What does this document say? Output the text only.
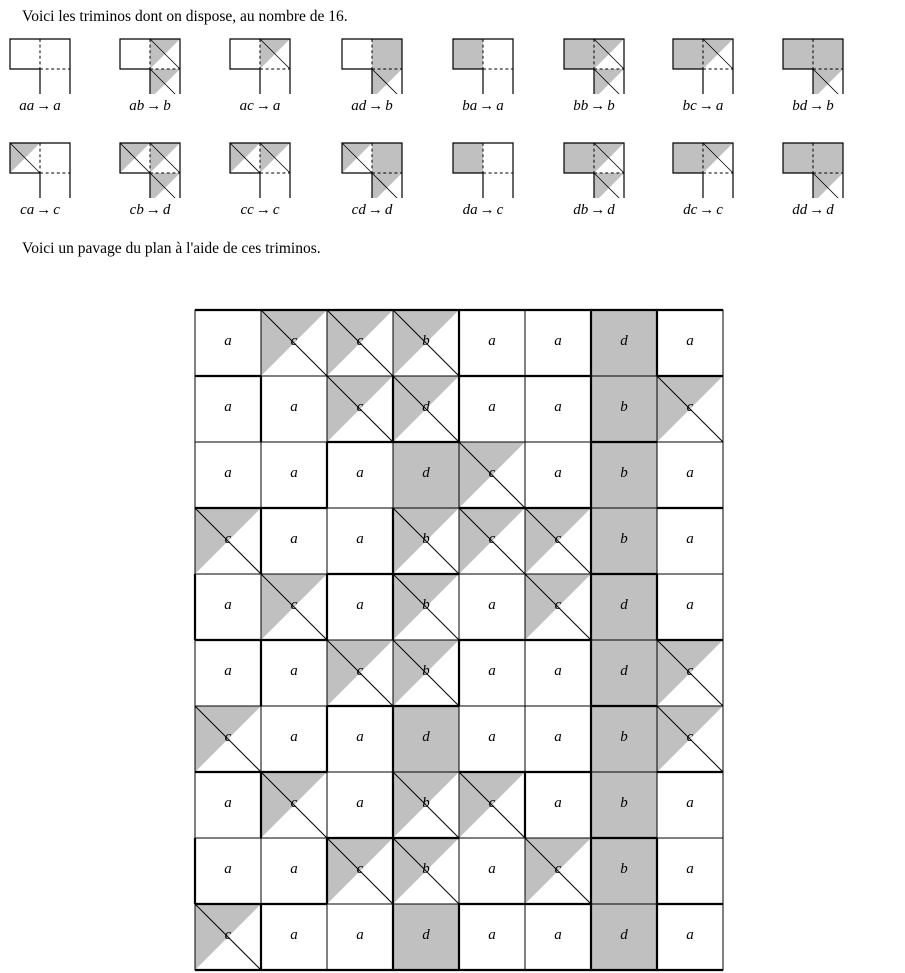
Voici les triminos dont on dispose, au nombre de 16.
aa → a	ab → b	ac → a	ad → b	ba → a	bb → b	bc → a	bd → b
ca → c	cb → d	cc → c	cd → d	da → c	db → d	dc → c	dd → d
Voici un pavage du plan à l'aide de ces triminos.
a	c	c	b	a	a	d	a
a	a	c	d	a	a	b	c
a	a	a	d	c	a	b	a
c	a	a	b	c	c	b	a
a	c	a	b	a	c	d	a
a	a	c	b	a	a	d	c
c	a	a	d	a	a	b	c
a	c	a	b	c	a	b	a
a	a	c	b	a	c	b	a
c	a	a	d	a	a	d	a
